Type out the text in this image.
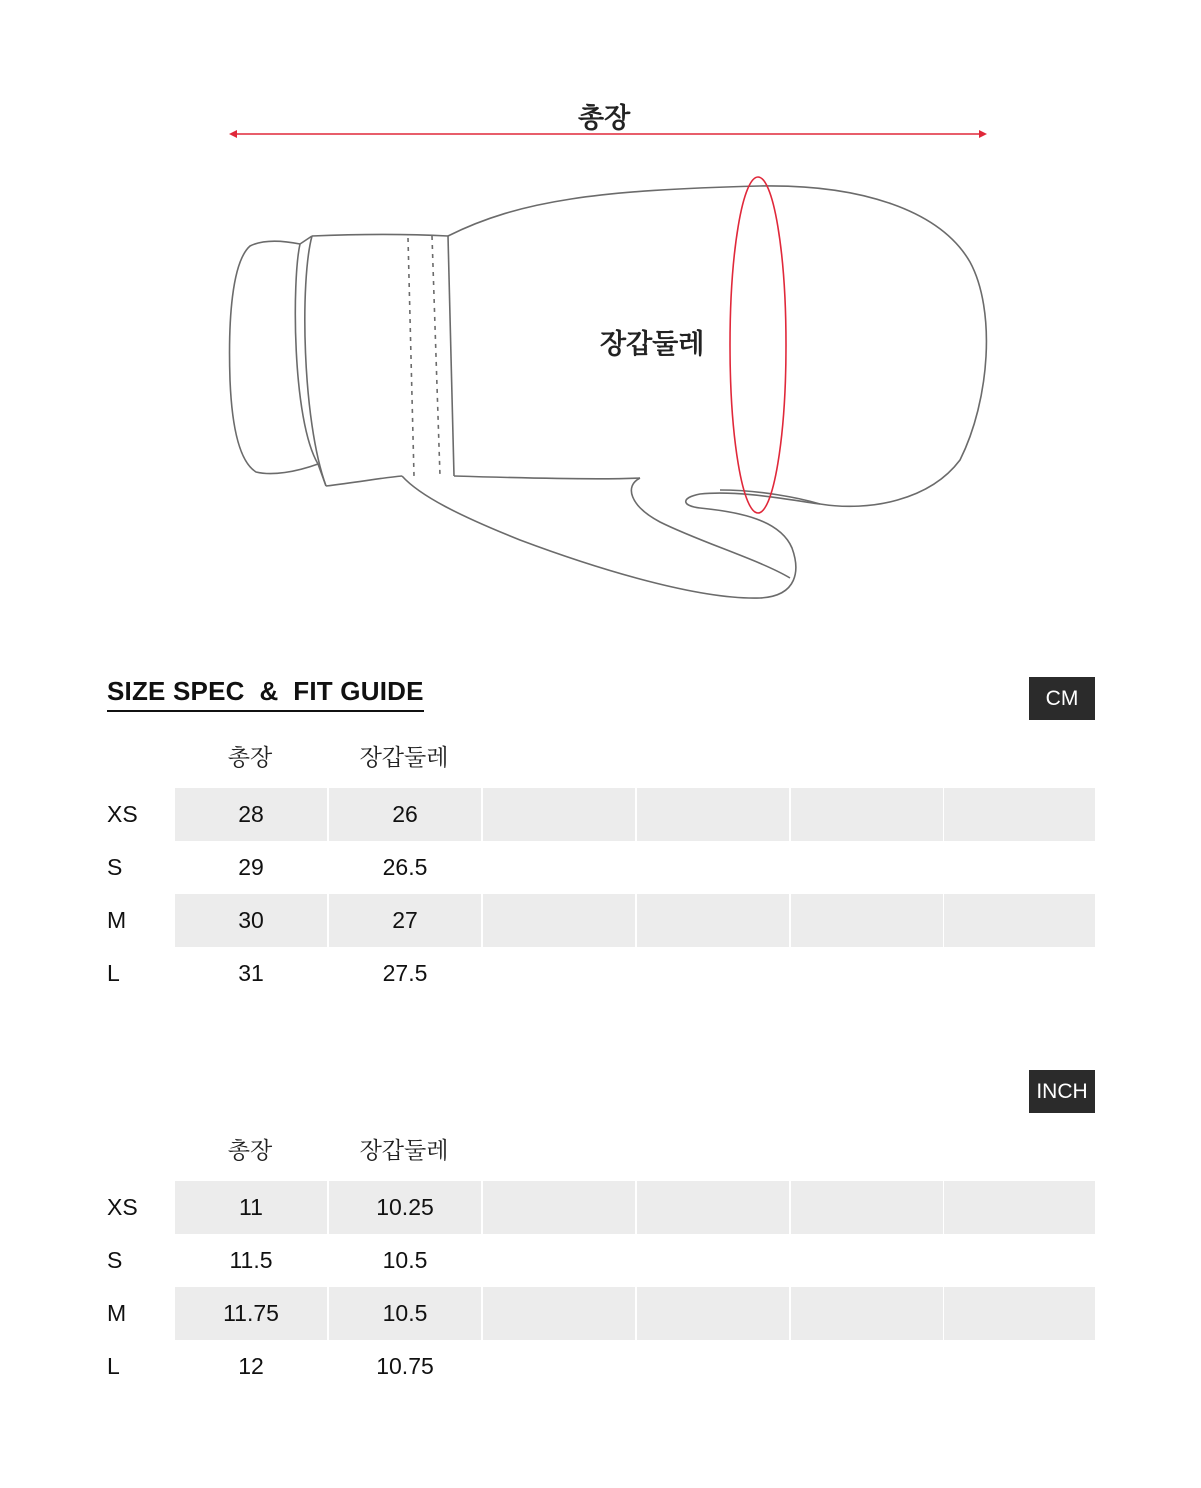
총장
장갑둘레
SIZE SPEC  &  FIT GUIDE	CM
총장	장갑둘레
XS	28	26
S	29	26.5
M	30	27
L	31	27.5
INCH
총장	장갑둘레
XS	11	10.25
S	11.5	10.5
M	11.75	10.5
L	12	10.75
